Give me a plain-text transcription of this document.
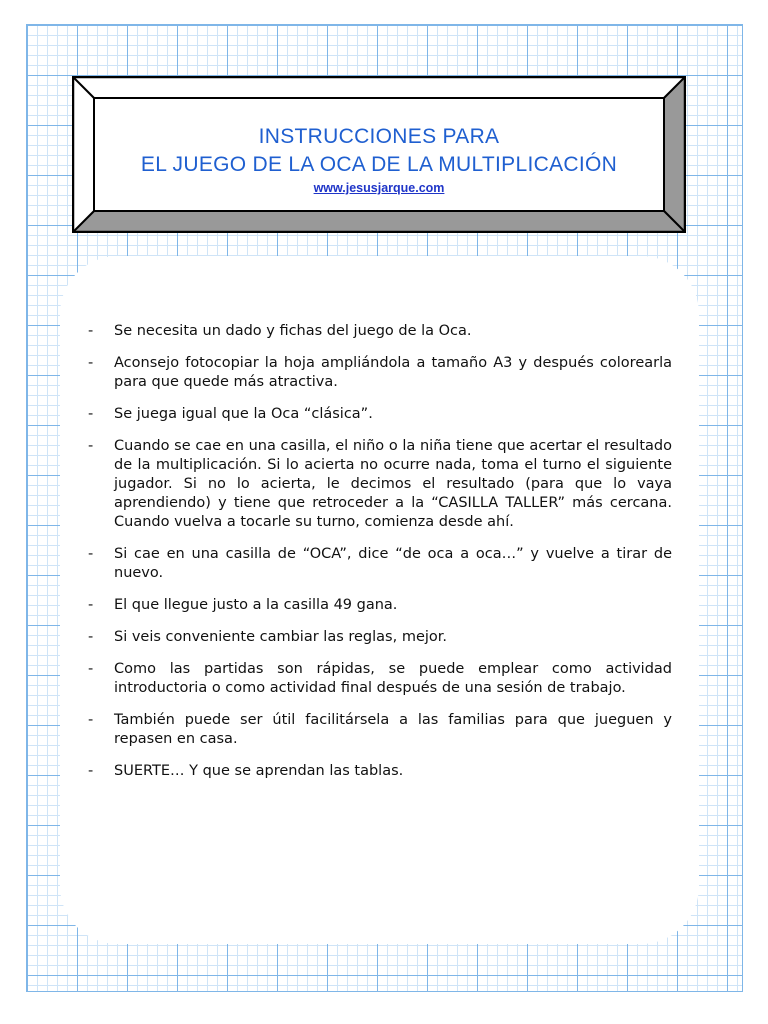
INSTRUCCIONES PARA
EL JUEGO DE LA OCA DE LA MULTIPLICACIÓN
www.jesusjarque.com
- Se necesita un dado y fichas del juego de la Oca.
- Aconsejo fotocopiar la hoja ampliándola a tamaño A3 y después colorearla para que quede más atractiva.
- Se juega igual que la Oca “clásica”.
- Cuando se cae en una casilla, el niño o la niña tiene que acertar el resultado de la multiplicación. Si lo acierta no ocurre nada, toma el turno el siguiente jugador. Si no lo acierta, le decimos el resultado (para que lo vaya aprendiendo) y tiene que retroceder a la “CASILLA TALLER” más cercana. Cuando vuelva a tocarle su turno, comienza desde ahí.
- Si cae en una casilla de “OCA”, dice “de oca a oca…” y vuelve a tirar de nuevo.
- El que llegue justo a la casilla 49 gana.
- Si veis conveniente cambiar las reglas, mejor.
- Como las partidas son rápidas, se puede emplear como actividad introductoria o como actividad final después de una sesión de trabajo.
- También puede ser útil facilitársela a las familias para que jueguen y repasen en casa.
- SUERTE… Y que se aprendan las tablas.
